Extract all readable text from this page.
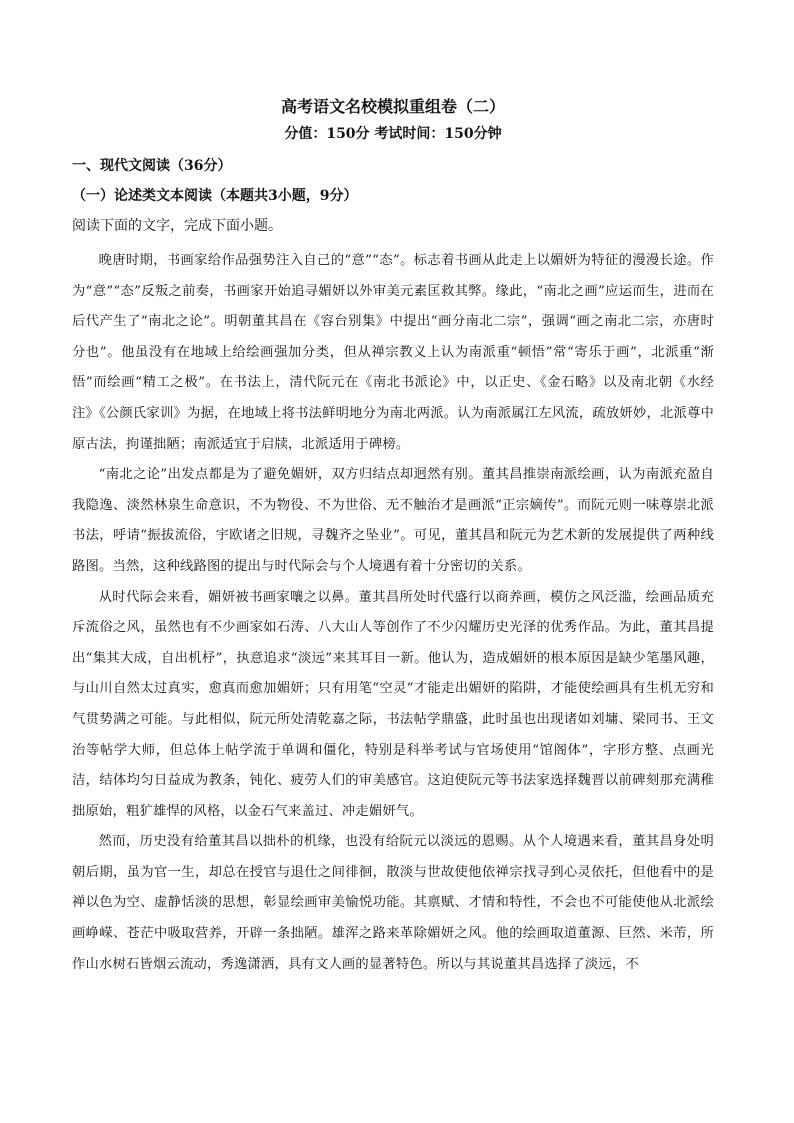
高考语文名校模拟重组卷（二）
分值：150分 考试时间：150分钟
一、现代文阅读（36分）
（一）论述类文本阅读（本题共3小题，9分）
阅读下面的文字，完成下面小题。

晚唐时期，书画家给作品强势注入自己的“意”“态”。标志着书画从此走上以媚妍为特征的漫漫长途。作为“意”“态”反叛之前奏，书画家开始追寻媚妍以外审美元素匡救其弊。缘此，“南北之画”应运而生，进而在后代产生了“南北之论”。明朝董其昌在《容台别集》中提出“画分南北二宗”，强调“画之南北二宗，亦唐时分也”。他虽没有在地域上给绘画强加分类，但从禅宗教义上认为南派重“顿悟”常“寄乐于画”，北派重“渐悟”而绘画“精工之极”。在书法上，清代阮元在《南北书派论》中，以正史、《金石略》以及南北朝《水经注》《公颜氏家训》为据，在地域上将书法鲜明地分为南北两派。认为南派属江左风流，疏放妍妙，北派尊中原古法，拘谨拙陋；南派适宜于启牍，北派适用于碑榜。

“南北之论”出发点都是为了避免媚妍，双方归结点却迥然有别。董其昌推崇南派绘画，认为南派充盈自我隐逸、淡然林泉生命意识，不为物役、不为世俗、无不触治才是画派“正宗嫡传”。而阮元则一味尊崇北派书法，呼请“振拔流俗，宇欧诸之旧规，寻魏齐之坠业”。可见，董其昌和阮元为艺术新的发展提供了两种线路图。当然，这种线路图的提出与时代际会与个人境遇有着十分密切的关系。

从时代际会来看，媚妍被书画家嚷之以鼻。董其昌所处时代盛行以商养画，模仿之风泛滥，绘画品质充斥流俗之风，虽然也有不少画家如石涛、八大山人等创作了不少闪耀历史光泽的优秀作品。为此，董其昌提出“集其大成，自出机杼”，执意追求“淡远”来其耳目一新。他认为，造成媚妍的根本原因是缺少笔墨风趣，与山川自然太过真实，愈真而愈加媚妍；只有用笔“空灵”才能走出媚妍的陷阱，才能使绘画具有生机无穷和气贯势满之可能。与此相似，阮元所处清乾嘉之际，书法帖学鼎盛，此时虽也出现诸如刘墉、梁同书、王文治等帖学大师，但总体上帖学流于单调和僵化，特别是科举考试与官场使用“馆阁体”，字形方整、点画光洁，结体均匀日益成为教条，钝化、疲劳人们的审美感官。这迫使阮元等书法家选择魏晋以前碑刻那充满稚拙原始，粗犷雄悍的风格，以金石气来盖过、冲走媚妍气。

然而，历史没有给董其昌以拙朴的机缘，也没有给阮元以淡远的恩赐。从个人境遇来看，董其昌身处明朝后期，虽为官一生，却总在授官与退仕之间徘徊，散淡与世故使他依禅宗找寻到心灵依托，但他看中的是禅以色为空、虚静恬淡的思想，彰显绘画审美愉悦功能。其禀赋、才情和特性，不会也不可能使他从北派绘画峥嵘、苍茫中吸取营养，开辟一条拙陋。雄浑之路来革除媚妍之风。他的绘画取道董源、巨然、米芾，所作山水树石皆烟云流动，秀逸潇洒，具有文人画的显著特色。所以与其说董其昌选择了淡远，不
